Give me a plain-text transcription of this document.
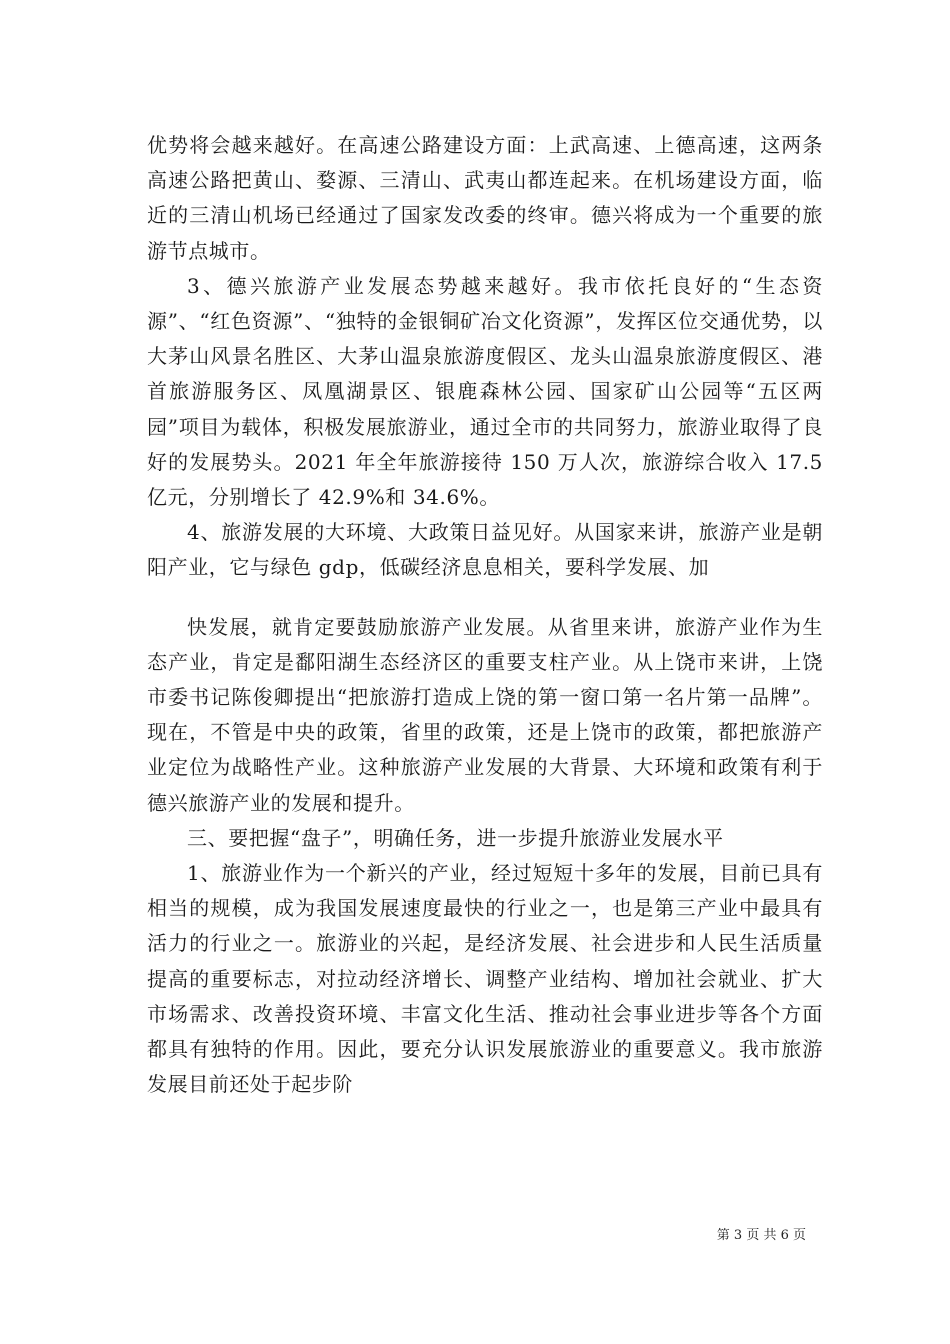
优势将会越来越好。在高速公路建设方面：上武高速、上德高速，这两条高速公路把黄山、婺源、三清山、武夷山都连起来。在机场建设方面，临近的三清山机场已经通过了国家发改委的终审。德兴将成为一个重要的旅游节点城市。

3、德兴旅游产业发展态势越来越好。我市依托良好的“生态资源”、“红色资源”、“独特的金银铜矿冶文化资源”，发挥区位交通优势，以大茅山风景名胜区、大茅山温泉旅游度假区、龙头山温泉旅游度假区、港首旅游服务区、凤凰湖景区、银鹿森林公园、国家矿山公园等“五区两园”项目为载体，积极发展旅游业，通过全市的共同努力，旅游业取得了良好的发展势头。2021 年全年旅游接待 150 万人次，旅游综合收入 17.5 亿元，分别增长了 42.9%和 34.6%。

4、旅游发展的大环境、大政策日益见好。从国家来讲，旅游产业是朝阳产业，它与绿色 gdp，低碳经济息息相关，要科学发展、加

快发展，就肯定要鼓励旅游产业发展。从省里来讲，旅游产业作为生态产业，肯定是鄱阳湖生态经济区的重要支柱产业。从上饶市来讲，上饶市委书记陈俊卿提出“把旅游打造成上饶的第一窗口第一名片第一品牌”。现在，不管是中央的政策，省里的政策，还是上饶市的政策，都把旅游产业定位为战略性产业。这种旅游产业发展的大背景、大环境和政策有利于德兴旅游产业的发展和提升。

三、要把握“盘子”，明确任务，进一步提升旅游业发展水平

1、旅游业作为一个新兴的产业，经过短短十多年的发展，目前已具有相当的规模，成为我国发展速度最快的行业之一，也是第三产业中最具有活力的行业之一。旅游业的兴起，是经济发展、社会进步和人民生活质量提高的重要标志，对拉动经济增长、调整产业结构、增加社会就业、扩大市场需求、改善投资环境、丰富文化生活、推动社会事业进步等各个方面都具有独特的作用。因此，要充分认识发展旅游业的重要意义。我市旅游发展目前还处于起步阶

第 3 页 共 6 页
